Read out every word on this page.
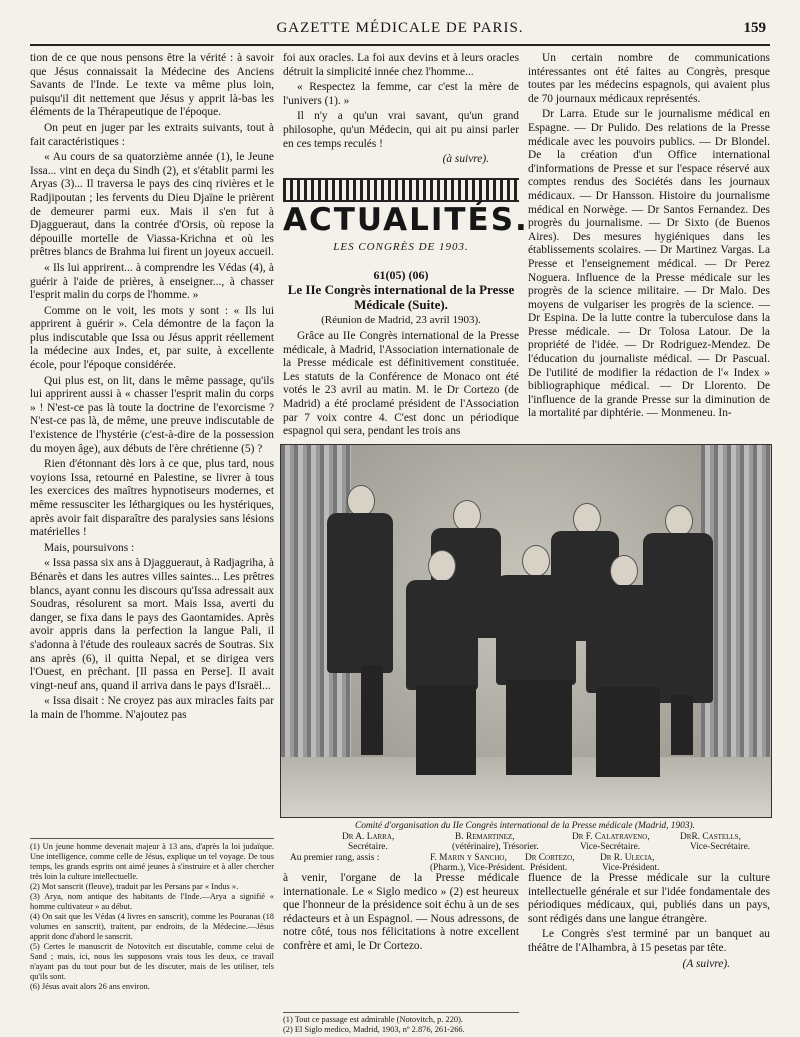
GAZETTE MÉDICALE DE PARIS.	159

tion de ce que nous pensons être la vérité : à savoir que Jésus connaissait la Médecine des Anciens Savants de l'Inde. Le texte va même plus loin, puisqu'il dit nettement que Jésus y apprit là-bas les éléments de la Thérapeutique de l'époque.

On peut en juger par les extraits suivants, tout à fait caractéristiques :

« Au cours de sa quatorzième année (1), le Jeune Issa... vint en deça du Sindh (2), et s'établit parmi les Aryas (3)... Il traversa le pays des cinq rivières et le Radjipoutan ; les fervents du Dieu Djaïne le prièrent de demeurer parmi eux. Mais il s'en fut à Djaggueraut, dans la contrée d'Orsis, où repose la dépouille mortelle de Viassa-Krichna et où les prêtres blancs de Brahma lui firent un joyeux accueil.

« Ils lui apprirent... à comprendre les Védas (4), à guérir à l'aide de prières, à enseigner..., à chasser l'esprit malin du corps de l'homme. »

Comme on le voit, les mots y sont : « Ils lui apprirent à guérir ». Cela démontre de la façon la plus indiscutable que Issa ou Jésus apprit réellement la médecine aux Indes, et, par suite, à excellente école, pour l'époque considérée.

Qui plus est, on lit, dans le même passage, qu'ils lui apprirent aussi à « chasser l'esprit malin du corps » ! N'est-ce pas là toute la doctrine de l'exorcisme ? N'est-ce pas là, de même, une preuve indiscutable de l'existence de l'hystérie (c'est-à-dire de la possession du moyen âge), aux débuts de l'ère chrétienne (5) ?

Rien d'étonnant dès lors à ce que, plus tard, nous voyions Issa, retourné en Palestine, se livrer à tous les exercices des maîtres hypnotiseurs modernes, et même ressusciter les léthargiques ou les hystériques, après avoir fait disparaître des paralysies sans lésions matérielles !

Mais, poursuivons :

« Issa passa six ans à Djaggueraut, à Radjagriha, à Bénarès et dans les autres villes saintes... Les prêtres blancs, ayant connu les discours qu'Issa adressait aux Soudras, résolurent sa mort. Mais Issa, averti du danger, se fixa dans le pays des Gaontamides. Après avoir appris dans la perfection la langue Pali, il s'adonna à l'étude des rouleaux sacrés de Soutras. Six ans après (6), il quitta Nepal, et se dirigea vers l'Ouest, en prêchant. [Il passa en Perse]. Il avait vingt-neuf ans, quand il arriva dans le pays d'Israël...

« Issa disait : Ne croyez pas aux miracles faits par la main de l'homme. N'ajoutez pas

(1) Un jeune homme devenait majeur à 13 ans, d'après la loi judaïque. Une intelligence, comme celle de Jésus, explique un tel voyage. De tous temps, les grands esprits ont aimé jeunes à s'instruire et à aller chercher très loin la culture intellectuelle.

(2) Mot sanscrit (fleuve), traduit par les Persans par « Indus ».

(3) Arya, nom antique des habitants de l'Inde.—Arya a signifié « homme cultivateur » au début.

(4) On sait que les Védas (4 livres en sanscrit), comme les Pouranas (18 volumes en sanscrit), traitent, par endroits, de la Médecine.—Jésus apprit donc d'abord le sanscrit.

(5) Certes le manuscrit de Notovitch est discutable, comme celui de Sand ; mais, ici, nous les supposons vrais tous les deux, ce travail n'ayant pas du tout pour but de les discuter, mais de les utiliser, tels qu'ils sont.

(6) Jésus avait alors 26 ans environ.

foi aux oracles. La foi aux devins et à leurs oracles détruit la simplicité innée chez l'homme...

« Respectez la femme, car c'est la mère de l'univers (1). »

Il n'y a qu'un vrai savant, qu'un grand philosophe, qu'un Médecin, qui ait pu ainsi parler en ces temps reculés !

(à suivre).

ACTUALITÉS.
LES CONGRÈS DE 1903.
61(05) (06)
Le IIe Congrès international de la Presse Médicale (Suite).
(Réunion de Madrid, 23 avril 1903).

Grâce au IIe Congrès international de la Presse médicale, à Madrid, l'Association internationale de la Presse médicale est définitivement constituée. Les statuts de la Conférence de Monaco ont été votés le 23 avril au matin. M. le Dr Cortezo (de Madrid) a été proclamé président de l'Association par 7 voix contre 4. C'est donc un périodique espagnol qui sera, pendant les trois ans

Un certain nombre de communications intéressantes ont été faites au Congrès, presque toutes par les médecins espagnols, qui avaient plus de 70 journaux médicaux représentés.

Dr Larra. Etude sur le journalisme médical en Espagne. — Dr Pulido. Des relations de la Presse médicale avec les pouvoirs publics. — Dr Blondel. De la création d'un Office international d'informations de Presse et sur l'espace réservé aux comptes rendus des Sociétés dans les journaux médicaux. — Dr Hansson. Histoire du journalisme médical en Norwège. — Dr Santos Fernandez. Des progrès du journalisme. — Dr Sixto (de Buenos Aires). Des mesures hygiéniques dans les établissements scolaires. — Dr Martinez Vargas. La Presse et l'enseignement médical. — Dr Perez Noguera. Influence de la Presse médicale sur les progrès de la science militaire. — Dr Malo. Des moyens de vulgariser les progrès de la science. — Dr Espina. De la lutte contre la tuberculose dans la Presse médicale. — Dr Tolosa Latour. De la propriété de l'idée. — Dr Rodriguez-Mendez. De l'éducation du journaliste médical. — Dr Pascual. De l'utilité de modifier la rédaction de l'« Index » bibliographique médical. — Dr Llorento. De l'influence de la grande Presse sur la diminution de la mortalité par diphtérie. — Monmeneu. In-

Comité d'organisation du IIe Congrès international de la Presse médicale (Madrid, 1903).
Dr A. Larra,	B. Remartinez,	Dr F. Calatraveno,	DrR. Castells,
Secrétaire.	(vétérinaire), Trésorier.	Vice-Secrétaire.	Vice-Secrétaire.
Au premier rang, assis :	F. Marin y Sancho, Dr Cortezo,	Dr R. Ulecia,
(Pharm.), Vice-Président. Président.	Vice-Président.

à venir, l'organe de la Presse médicale internationale. Le « Siglo medico » (2) est heureux que l'honneur de la présidence soit échu à un de ses rédacteurs et à un Espagnol. — Nous adressons, de notre côté, tous nos félicitations à notre excellent confrère et ami, le Dr Cortezo.

(1) Tout ce passage est admirable (Notovitch, p. 220).

(2) El Siglo medico, Madrid, 1903, nº 2.876, 261-266.

fluence de la Presse médicale sur la culture intellectuelle générale et sur l'idée fondamentale des périodiques médicaux, qui, publiés dans un pays, sont rédigés dans une langue étrangère.

Le Congrès s'est terminé par un banquet au théâtre de l'Alhambra, à 15 pesetas par tête.

(A suivre).
